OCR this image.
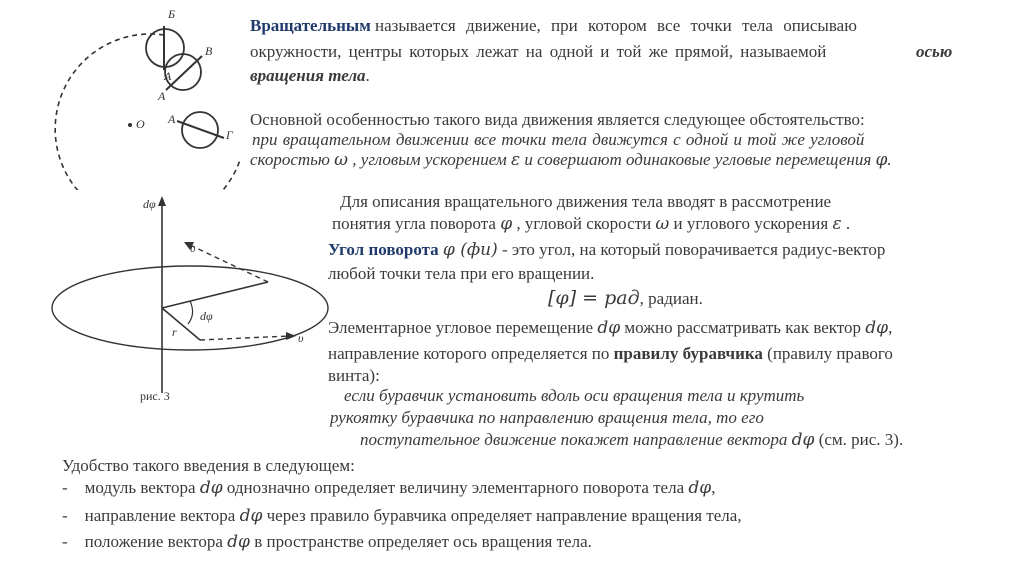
Б
А
В
А
О А
Г
dφ
υ
υ
dφ
r
рис. 3
Вращательным называется движение, при котором все точки тела описываю
окружности, центры которых лежат на одной и той же прямой, называемой	осью
вращения тела.
Основной особенностью такого вида движения является следующее обстоятельство:
при вращательном движении все точки тела движутся с одной и той же угловой
скоростью ω , угловым ускорением ε и совершают одинаковые угловые перемещения φ.
Для описания вращательного движения тела вводят в рассмотрение
понятия угла поворота φ , угловой скорости ω и углового ускорения ε .
Угол поворота φ (фи) - это угол, на который поворачивается радиус-вектор
любой точки тела при его вращении.
[φ] = рад, радиан.
Элементарное угловое перемещение dφ можно рассматривать как вектор dφ,
направление которого определяется по правилу буравчика (правилу правого
винта):
если буравчик установить вдоль оси вращения тела и крутить
рукоятку буравчика по направлению вращения тела, то его
поступательное движение покажет направление вектора dφ (см. рис. 3).
Удобство такого введения в следующем:
- модуль вектора dφ однозначно определяет величину элементарного поворота тела dφ,
- направление вектора dφ через правило буравчика определяет направление вращения тела,
- положение вектора dφ в пространстве определяет ось вращения тела.
